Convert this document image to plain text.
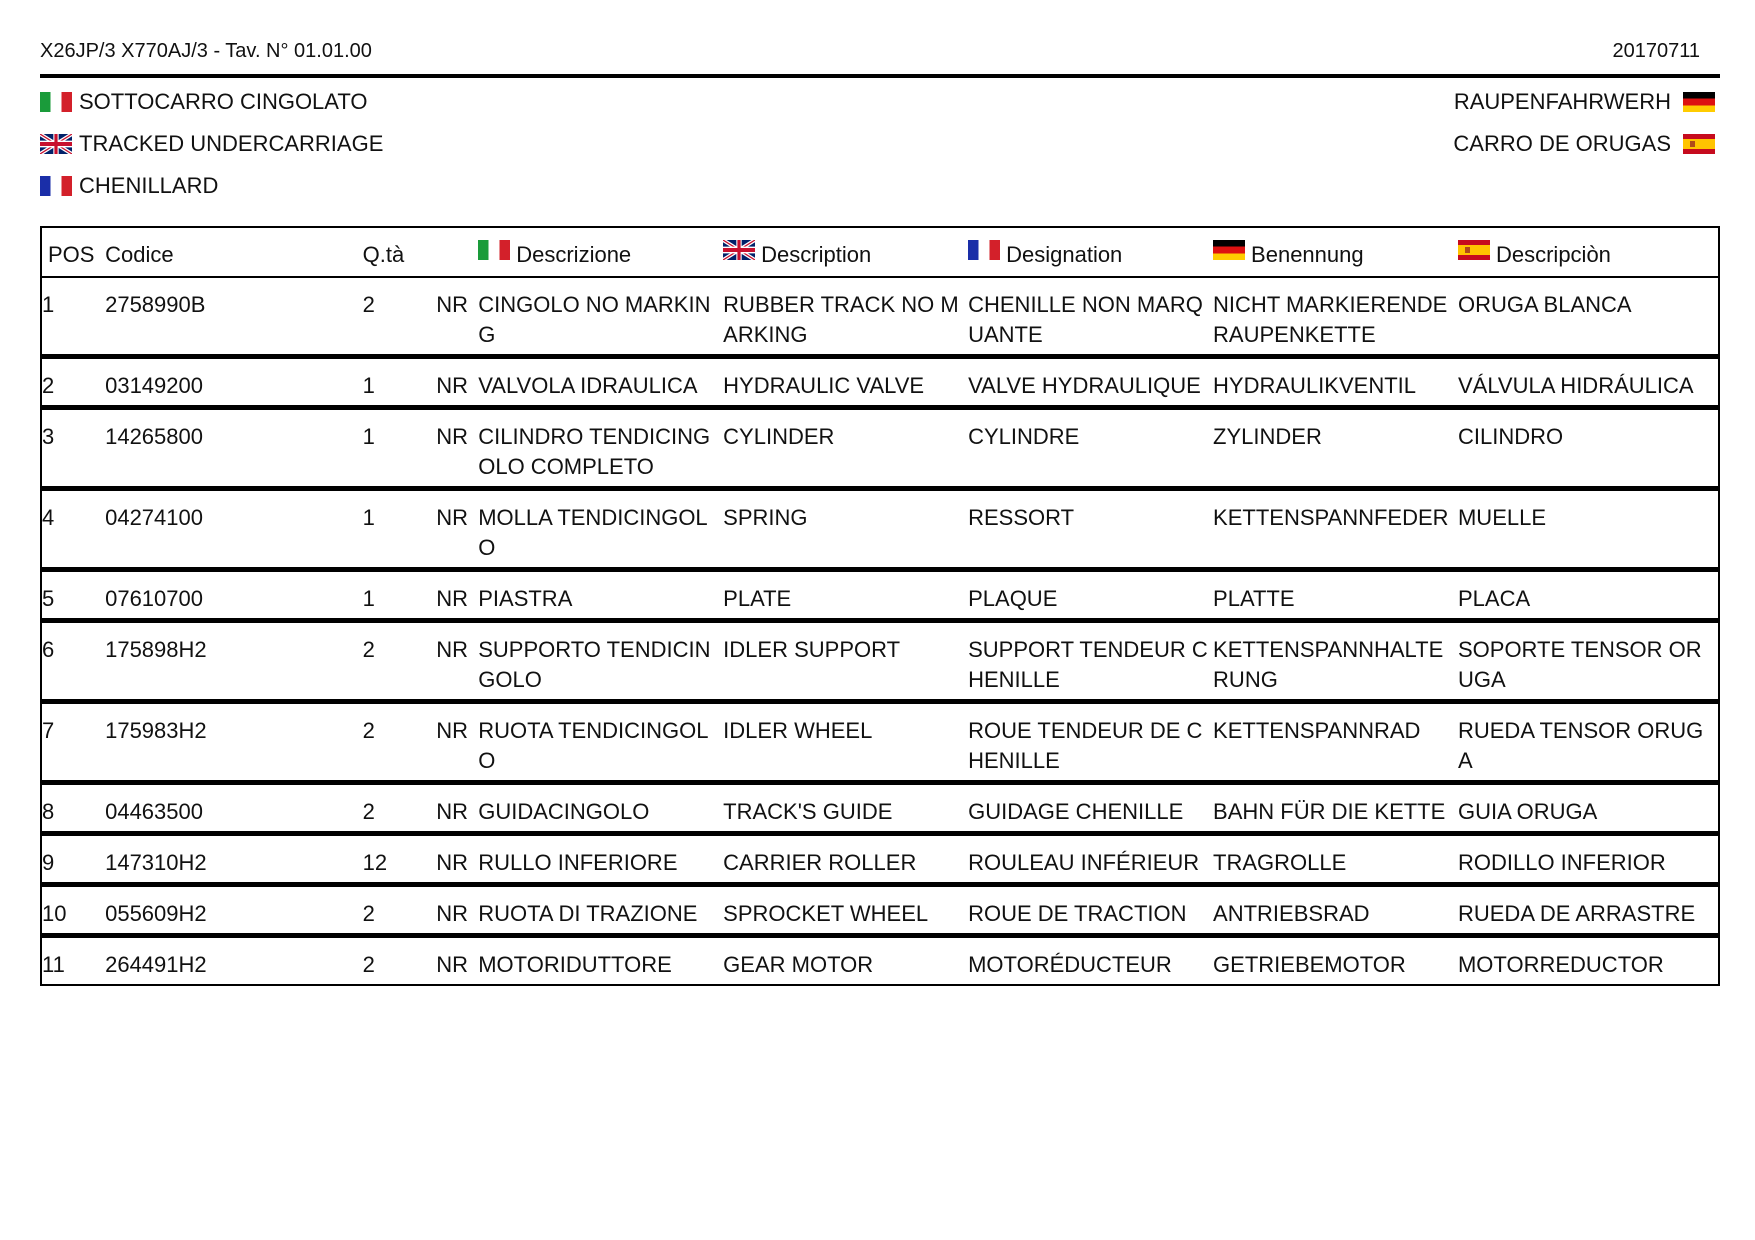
X26JP/3 X770AJ/3 - Tav. N° 01.01.00	20170711
SOTTOCARRO CINGOLATO
TRACKED UNDERCARRIAGE
CHENILLARD
RAUPENFAHRWERH
CARRO DE ORUGAS
POS	Codice	Q.tà		Descrizione	Description	Designation	Benennung	Descripciòn
1	2758990B	2	NR	CINGOLO NO MARKING	RUBBER TRACK NO MARKING	CHENILLE NON MARQUANTE	NICHT MARKIERENDE RAUPENKETTE	ORUGA BLANCA
2	03149200	1	NR	VALVOLA IDRAULICA	HYDRAULIC VALVE	VALVE HYDRAULIQUE	HYDRAULIKVENTIL	VÁLVULA HIDRÁULICA
3	14265800	1	NR	CILINDRO TENDICINGOLO COMPLETO	CYLINDER	CYLINDRE	ZYLINDER	CILINDRO
4	04274100	1	NR	MOLLA TENDICINGOLO	SPRING	RESSORT	KETTENSPANNFEDER	MUELLE
5	07610700	1	NR	PIASTRA	PLATE	PLAQUE	PLATTE	PLACA
6	175898H2	2	NR	SUPPORTO TENDICINGOLO	IDLER SUPPORT	SUPPORT TENDEUR CHENILLE	KETTENSPANNHALTERUNG	SOPORTE TENSOR ORUGA
7	175983H2	2	NR	RUOTA TENDICINGOLO	IDLER WHEEL	ROUE TENDEUR DE CHENILLE	KETTENSPANNRAD	RUEDA TENSOR ORUGA
8	04463500	2	NR	GUIDACINGOLO	TRACK'S GUIDE	GUIDAGE CHENILLE	BAHN FÜR DIE KETTE	GUIA ORUGA
9	147310H2	12	NR	RULLO INFERIORE	CARRIER ROLLER	ROULEAU INFÉRIEUR	TRAGROLLE	RODILLO INFERIOR
10	055609H2	2	NR	RUOTA DI TRAZIONE	SPROCKET WHEEL	ROUE DE TRACTION	ANTRIEBSRAD	RUEDA DE ARRASTRE
11	264491H2	2	NR	MOTORIDUTTORE	GEAR MOTOR	MOTORÉDUCTEUR	GETRIEBEMOTOR	MOTORREDUCTOR
